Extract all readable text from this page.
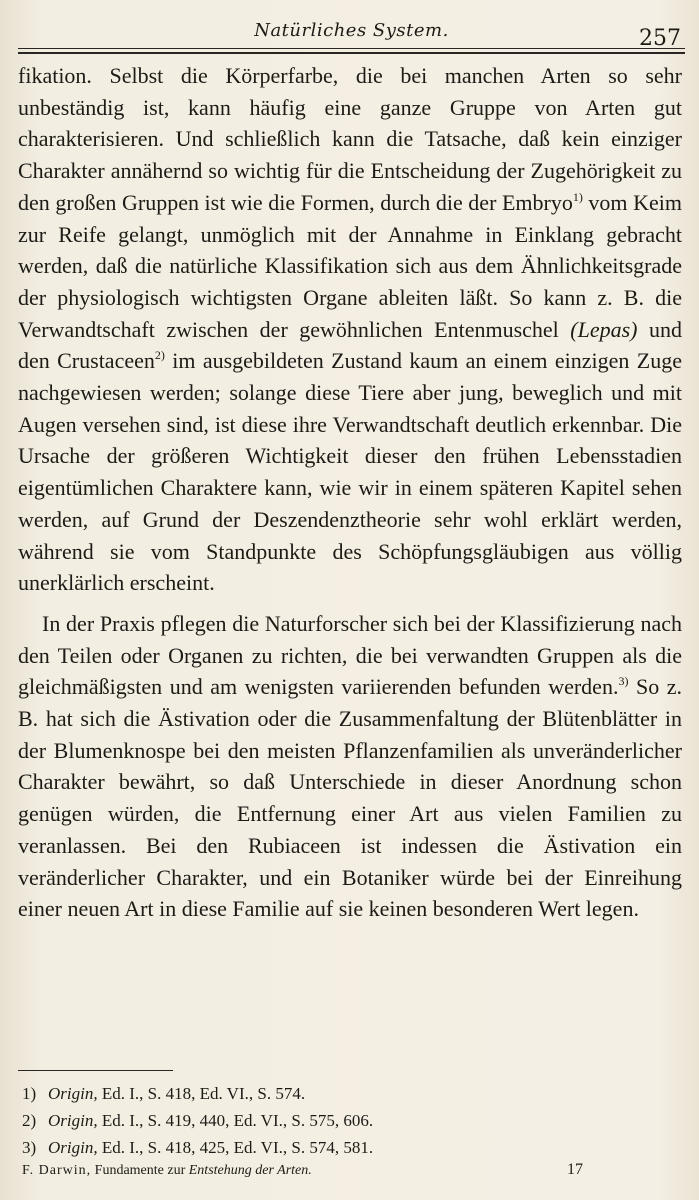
Natürliches System.	257

fikation. Selbst die Körperfarbe, die bei manchen Arten so sehr unbeständig ist, kann häufig eine ganze Gruppe von Arten gut charakterisieren. Und schließlich kann die Tatsache, daß kein einziger Charakter annähernd so wichtig für die Entscheidung der Zugehörigkeit zu den großen Gruppen ist wie die Formen, durch die der Embryo$^{1)}$ vom Keim zur Reife gelangt, unmöglich mit der Annahme in Einklang gebracht werden, daß die natürliche Klassifikation sich aus dem Ähnlichkeitsgrade der physiologisch wichtigsten Organe ableiten läßt. So kann z. B. die Verwandtschaft zwischen der gewöhnlichen Entenmuschel (Lepas) und den Crustaceen$^{2)}$ im ausgebildeten Zustand kaum an einem einzigen Zuge nachgewiesen werden; solange diese Tiere aber jung, beweglich und mit Augen versehen sind, ist diese ihre Verwandtschaft deutlich erkennbar. Die Ursache der größeren Wichtigkeit dieser den frühen Lebensstadien eigentümlichen Charaktere kann, wie wir in einem späteren Kapitel sehen werden, auf Grund der Deszendenztheorie sehr wohl erklärt werden, während sie vom Standpunkte des Schöpfungsgläubigen aus völlig unerklärlich erscheint.

In der Praxis pflegen die Naturforscher sich bei der Klassifizierung nach den Teilen oder Organen zu richten, die bei verwandten Gruppen als die gleichmäßigsten und am wenigsten variierenden befunden werden.$^{3)}$ So z. B. hat sich die Ästivation oder die Zusammenfaltung der Blütenblätter in der Blumenknospe bei den meisten Pflanzenfamilien als unveränderlicher Charakter bewährt, so daß Unterschiede in dieser Anordnung schon genügen würden, die Entfernung einer Art aus vielen Familien zu veranlassen. Bei den Rubiaceen ist indessen die Ästivation ein veränderlicher Charakter, und ein Botaniker würde bei der Einreihung einer neuen Art in diese Familie auf sie keinen besonderen Wert legen.

1) Origin, Ed. I., S. 418, Ed. VI., S. 574.
2) Origin, Ed. I., S. 419, 440, Ed. VI., S. 575, 606.
3) Origin, Ed. I., S. 418, 425, Ed. VI., S. 574, 581.
F. Darwin, Fundamente zur Entstehung der Arten.	17
